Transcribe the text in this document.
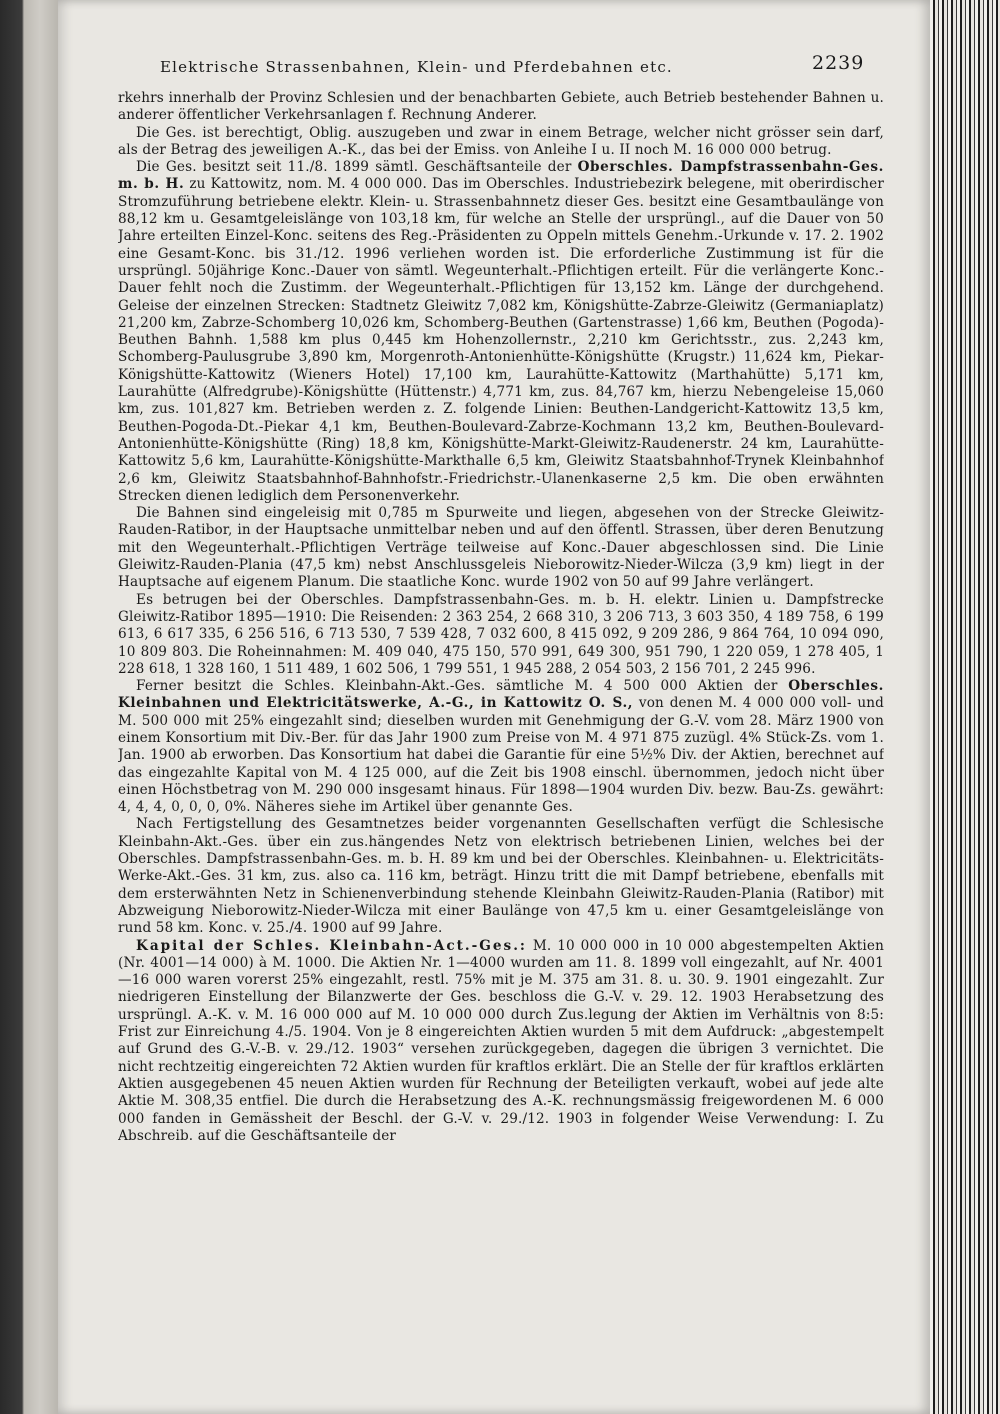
Elektrische Strassenbahnen, Klein- und Pferdebahnen etc.	2239

rkehrs innerhalb der Provinz Schlesien und der benachbarten Gebiete, auch Betrieb bestehender Bahnen u. anderer öffentlicher Verkehrsanlagen f. Rechnung Anderer.

Die Ges. ist berechtigt, Oblig. auszugeben und zwar in einem Betrage, welcher nicht grösser sein darf, als der Betrag des jeweiligen A.-K., das bei der Emiss. von Anleihe I u. II noch M. 16 000 000 betrug.

Die Ges. besitzt seit 11./8. 1899 sämtl. Geschäftsanteile der Oberschles. Dampfstrassenbahn-Ges. m. b. H. zu Kattowitz, nom. M. 4 000 000. Das im Oberschles. Industriebezirk belegene, mit oberirdischer Stromzuführung betriebene elektr. Klein- u. Strassenbahnnetz dieser Ges. besitzt eine Gesamtbaulänge von 88,12 km u. Gesamtgeleislänge von 103,18 km, für welche an Stelle der ursprüngl., auf die Dauer von 50 Jahre erteilten Einzel-Konc. seitens des Reg.-Präsidenten zu Oppeln mittels Genehm.-Urkunde v. 17. 2. 1902 eine Gesamt-Konc. bis 31./12. 1996 verliehen worden ist. Die erforderliche Zustimmung ist für die ursprüngl. 50jährige Konc.-Dauer von sämtl. Wegeunterhalt.-Pflichtigen erteilt. Für die verlängerte Konc.-Dauer fehlt noch die Zustimm. der Wegeunterhalt.-Pflichtigen für 13,152 km. Länge der durchgehend. Geleise der einzelnen Strecken: Stadtnetz Gleiwitz 7,082 km, Königshütte-Zabrze-Gleiwitz (Germaniaplatz) 21,200 km, Zabrze-Schomberg 10,026 km, Schomberg-Beuthen (Gartenstrasse) 1,66 km, Beuthen (Pogoda)-Beuthen Bahnh. 1,588 km plus 0,445 km Hohenzollernstr., 2,210 km Gerichtsstr., zus. 2,243 km, Schomberg-Paulusgrube 3,890 km, Morgenroth-Antonienhütte-Königshütte (Krugstr.) 11,624 km, Piekar-Königshütte-Kattowitz (Wieners Hotel) 17,100 km, Laurahütte-Kattowitz (Marthahütte) 5,171 km, Laurahütte (Alfredgrube)-Königshütte (Hüttenstr.) 4,771 km, zus. 84,767 km, hierzu Nebengeleise 15,060 km, zus. 101,827 km. Betrieben werden z. Z. folgende Linien: Beuthen-Landgericht-Kattowitz 13,5 km, Beuthen-Pogoda-Dt.-Piekar 4,1 km, Beuthen-Boulevard-Zabrze-Kochmann 13,2 km, Beuthen-Boulevard-Antonienhütte-Königshütte (Ring) 18,8 km, Königshütte-Markt-Gleiwitz-Raudenerstr. 24 km, Laurahütte-Kattowitz 5,6 km, Laurahütte-Königshütte-Markthalle 6,5 km, Gleiwitz Staatsbahnhof-Trynek Kleinbahnhof 2,6 km, Gleiwitz Staatsbahnhof-Bahnhofstr.-Friedrichstr.-Ulanenkaserne 2,5 km. Die oben erwähnten Strecken dienen lediglich dem Personenverkehr.

Die Bahnen sind eingeleisig mit 0,785 m Spurweite und liegen, abgesehen von der Strecke Gleiwitz-Rauden-Ratibor, in der Hauptsache unmittelbar neben und auf den öffentl. Strassen, über deren Benutzung mit den Wegeunterhalt.-Pflichtigen Verträge teilweise auf Konc.-Dauer abgeschlossen sind. Die Linie Gleiwitz-Rauden-Plania (47,5 km) nebst Anschlussgeleis Nieborowitz-Nieder-Wilcza (3,9 km) liegt in der Hauptsache auf eigenem Planum. Die staatliche Konc. wurde 1902 von 50 auf 99 Jahre verlängert.

Es betrugen bei der Oberschles. Dampfstrassenbahn-Ges. m. b. H. elektr. Linien u. Dampfstrecke Gleiwitz-Ratibor 1895—1910: Die Reisenden: 2 363 254, 2 668 310, 3 206 713, 3 603 350, 4 189 758, 6 199 613, 6 617 335, 6 256 516, 6 713 530, 7 539 428, 7 032 600, 8 415 092, 9 209 286, 9 864 764, 10 094 090, 10 809 803. Die Roheinnahmen: M. 409 040, 475 150, 570 991, 649 300, 951 790, 1 220 059, 1 278 405, 1 228 618, 1 328 160, 1 511 489, 1 602 506, 1 799 551, 1 945 288, 2 054 503, 2 156 701, 2 245 996.

Ferner besitzt die Schles. Kleinbahn-Akt.-Ges. sämtliche M. 4 500 000 Aktien der Oberschles. Kleinbahnen und Elektricitätswerke, A.-G., in Kattowitz O. S., von denen M. 4 000 000 voll- und M. 500 000 mit 25% eingezahlt sind; dieselben wurden mit Genehmigung der G.-V. vom 28. März 1900 von einem Konsortium mit Div.-Ber. für das Jahr 1900 zum Preise von M. 4 971 875 zuzügl. 4% Stück-Zs. vom 1. Jan. 1900 ab erworben. Das Konsortium hat dabei die Garantie für eine 5½% Div. der Aktien, berechnet auf das eingezahlte Kapital von M. 4 125 000, auf die Zeit bis 1908 einschl. übernommen, jedoch nicht über einen Höchstbetrag von M. 290 000 insgesamt hinaus. Für 1898—1904 wurden Div. bezw. Bau-Zs. gewährt: 4, 4, 4, 0, 0, 0, 0%. Näheres siehe im Artikel über genannte Ges.

Nach Fertigstellung des Gesamtnetzes beider vorgenannten Gesellschaften verfügt die Schlesische Kleinbahn-Akt.-Ges. über ein zus.hängendes Netz von elektrisch betriebenen Linien, welches bei der Oberschles. Dampfstrassenbahn-Ges. m. b. H. 89 km und bei der Oberschles. Kleinbahnen- u. Elektricitäts-Werke-Akt.-Ges. 31 km, zus. also ca. 116 km, beträgt. Hinzu tritt die mit Dampf betriebene, ebenfalls mit dem ersterwähnten Netz in Schienenverbindung stehende Kleinbahn Gleiwitz-Rauden-Plania (Ratibor) mit Abzweigung Nieborowitz-Nieder-Wilcza mit einer Baulänge von 47,5 km u. einer Gesamtgeleislänge von rund 58 km. Konc. v. 25./4. 1900 auf 99 Jahre.

Kapital der Schles. Kleinbahn-Act.-Ges.: M. 10 000 000 in 10 000 abgestempelten Aktien (Nr. 4001—14 000) à M. 1000. Die Aktien Nr. 1—4000 wurden am 11. 8. 1899 voll eingezahlt, auf Nr. 4001—16 000 waren vorerst 25% eingezahlt, restl. 75% mit je M. 375 am 31. 8. u. 30. 9. 1901 eingezahlt. Zur niedrigeren Einstellung der Bilanzwerte der Ges. beschloss die G.-V. v. 29. 12. 1903 Herabsetzung des ursprüngl. A.-K. v. M. 16 000 000 auf M. 10 000 000 durch Zus.legung der Aktien im Verhältnis von 8:5: Frist zur Einreichung 4./5. 1904. Von je 8 eingereichten Aktien wurden 5 mit dem Aufdruck: „abgestempelt auf Grund des G.-V.-B. v. 29./12. 1903“ versehen zurückgegeben, dagegen die übrigen 3 vernichtet. Die nicht rechtzeitig eingereichten 72 Aktien wurden für kraftlos erklärt. Die an Stelle der für kraftlos erklärten Aktien ausgegebenen 45 neuen Aktien wurden für Rechnung der Beteiligten verkauft, wobei auf jede alte Aktie M. 308,35 entfiel. Die durch die Herabsetzung des A.-K. rechnungsmässig freigewordenen M. 6 000 000 fanden in Gemässheit der Beschl. der G.-V. v. 29./12. 1903 in folgender Weise Verwendung: I. Zu Abschreib. auf die Geschäftsanteile der
